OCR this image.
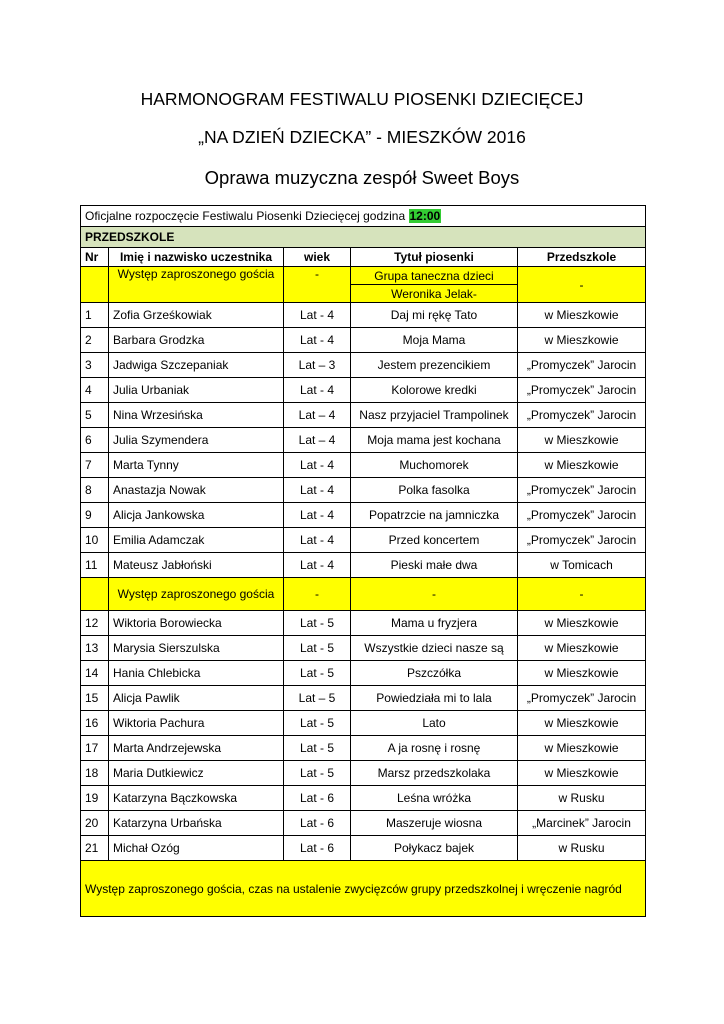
HARMONOGRAM FESTIWALU PIOSENKI DZIECIĘCEJ
„NA DZIEŃ DZIECKA” - MIESZKÓW 2016
Oprawa muzyczna zespół Sweet Boys
Oficjalne rozpoczęcie Festiwalu Piosenki Dziecięcej godzina 12:00				
PRZEDSZKOLE				
Nr	Imię i nazwisko uczestnika	wiek	Tytuł piosenki	Przedszkole
	Występ zaproszonego gościa	-	Grupa taneczna dzieci	-
			Weronika Jelak-	
1	Zofia Grześkowiak	Lat - 4	Daj mi rękę Tato	w Mieszkowie
2	Barbara Grodzka	Lat - 4	Moja Mama	w Mieszkowie
3	Jadwiga Szczepaniak	Lat – 3	Jestem prezencikiem	„Promyczek” Jarocin
4	Julia Urbaniak	Lat - 4	Kolorowe kredki	„Promyczek” Jarocin
5	Nina Wrzesińska	Lat – 4	Nasz przyjaciel Trampolinek	„Promyczek” Jarocin
6	Julia Szymendera	Lat – 4	Moja mama jest kochana	w Mieszkowie
7	Marta Tynny	Lat - 4	Muchomorek	w Mieszkowie
8	Anastazja Nowak	Lat - 4	Polka fasolka	„Promyczek” Jarocin
9	Alicja Jankowska	Lat - 4	Popatrzcie na jamniczka	„Promyczek” Jarocin
10	Emilia Adamczak	Lat - 4	Przed koncertem	„Promyczek” Jarocin
11	Mateusz Jabłoński	Lat - 4	Pieski małe dwa	w Tomicach
	Występ zaproszonego gościa	-	-	-
12	Wiktoria Borowiecka	Lat - 5	Mama u fryzjera	w Mieszkowie
13	Marysia Sierszulska	Lat - 5	Wszystkie dzieci nasze są	w Mieszkowie
14	Hania Chlebicka	Lat - 5	Pszczółka	w Mieszkowie
15	Alicja Pawlik	Lat – 5	Powiedziała mi to lala	„Promyczek” Jarocin
16	Wiktoria Pachura	Lat - 5	Lato	w Mieszkowie
17	Marta Andrzejewska	Lat - 5	A ja rosnę i rosnę	w Mieszkowie
18	Maria Dutkiewicz	Lat - 5	Marsz przedszkolaka	w Mieszkowie
19	Katarzyna Bączkowska	Lat - 6	Leśna wróżka	w Rusku
20	Katarzyna Urbańska	Lat - 6	Maszeruje wiosna	„Marcinek” Jarocin
21	Michał Ozóg	Lat - 6	Połykacz bajek	w Rusku
Występ zaproszonego gościa, czas na ustalenie zwycięzców grupy przedszkolnej i wręczenie nagród				
